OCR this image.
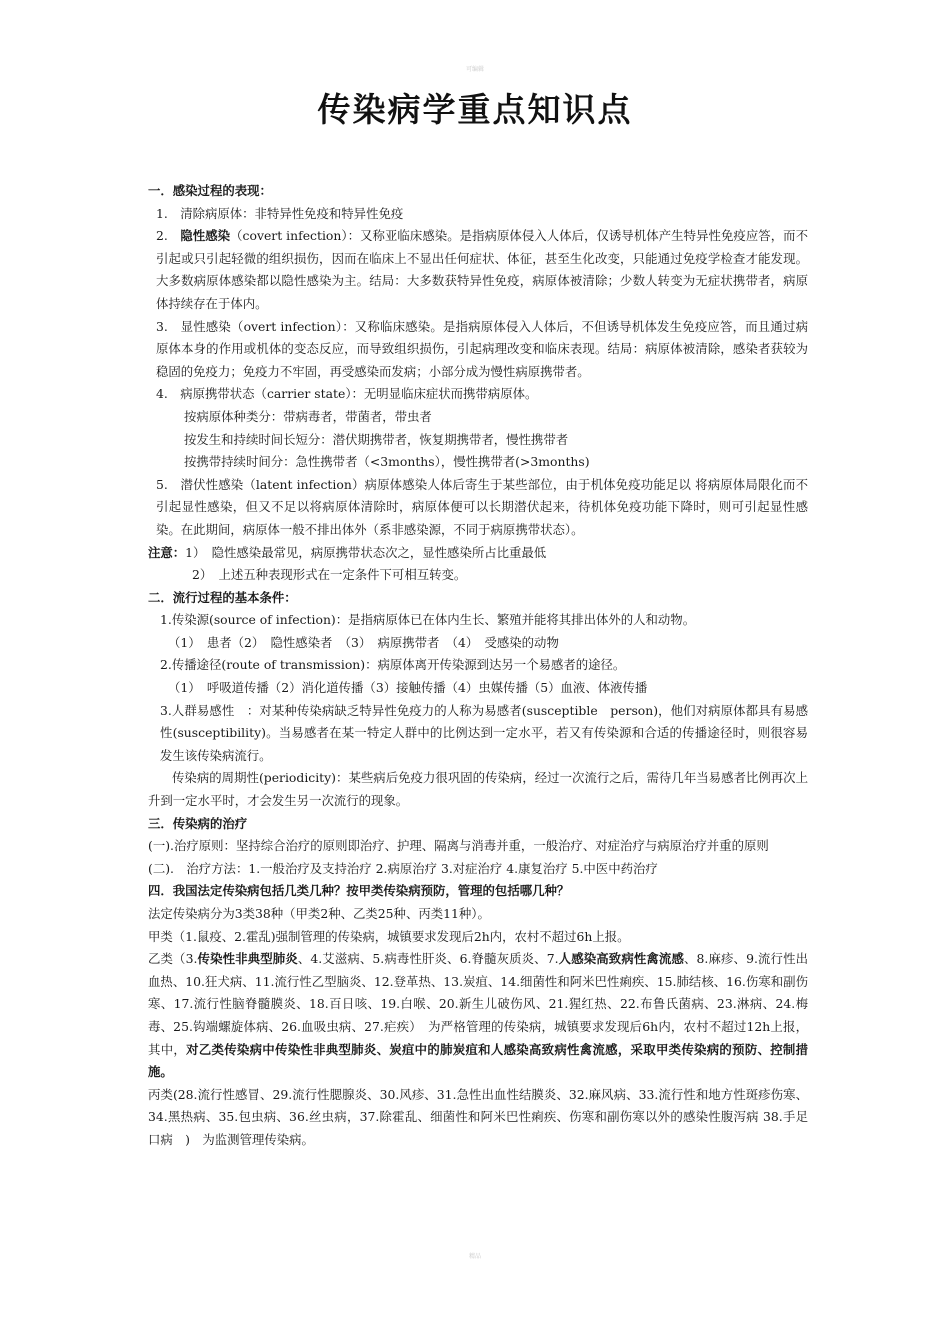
可编辑
传染病学重点知识点

一．感染过程的表现：

1.　清除病原体：非特异性免疫和特异性免疫

2.　隐性感染（covert infection）：又称亚临床感染。是指病原体侵入人体后，仅诱导机体产生特异性免疫应答，而不引起或只引起轻微的组织损伤，因而在临床上不显出任何症状、体征，甚至生化改变，只能通过免疫学检查才能发现。大多数病原体感染都以隐性感染为主。结局：大多数获特异性免疫，病原体被清除；少数人转变为无症状携带者，病原体持续存在于体内。

3.　显性感染（overt infection）：又称临床感染。是指病原体侵入人体后，不但诱导机体发生免疫应答，而且通过病原体本身的作用或机体的变态反应，而导致组织损伤，引起病理改变和临床表现。结局：病原体被清除，感染者获较为稳固的免疫力；免疫力不牢固，再受感染而发病；小部分成为慢性病原携带者。

4.　病原携带状态（carrier state）：无明显临床症状而携带病原体。

按病原体种类分：带病毒者，带菌者，带虫者

按发生和持续时间长短分：潜伏期携带者，恢复期携带者，慢性携带者

按携带持续时间分：急性携带者（<3months），慢性携带者(>3months)

5.　潜伏性感染（latent infection）病原体感染人体后寄生于某些部位，由于机体免疫功能足以 将病原体局限化而不引起显性感染，但又不足以将病原体清除时，病原体便可以长期潜伏起来，待机体免疫功能下降时，则可引起显性感染。在此期间，病原体一般不排出体外（系非感染源，不同于病原携带状态）。

注意：1）　隐性感染最常见，病原携带状态次之，显性感染所占比重最低

2）　上述五种表现形式在一定条件下可相互转变。

二．流行过程的基本条件：

1.传染源(source of infection)：是指病原体已在体内生长、繁殖并能将其排出体外的人和动物。

（1）　患者（2）　隐性感染者　（3）　病原携带者　（4）　受感染的动物

2.传播途径(route of transmission)：病原体离开传染源到达另一个易感者的途径。

（1）　呼吸道传播（2）消化道传播（3）接触传播（4）虫媒传播（5）血液、体液传播

3.人群易感性　：对某种传染病缺乏特异性免疫力的人称为易感者(susceptible　person)，他们对病原体都具有易感性(susceptibility)。当易感者在某一特定人群中的比例达到一定水平，若又有传染源和合适的传播途径时，则很容易发生该传染病流行。

传染病的周期性(periodicity)：某些病后免疫力很巩固的传染病，经过一次流行之后，需待几年当易感者比例再次上升到一定水平时，才会发生另一次流行的现象。

三．传染病的治疗

(一).治疗原则：坚持综合治疗的原则即治疗、护理、隔离与消毒并重，一般治疗、对症治疗与病原治疗并重的原则

(二).　治疗方法：1.一般治疗及支持治疗 2.病原治疗 3.对症治疗 4.康复治疗 5.中医中药治疗

四．我国法定传染病包括几类几种？按甲类传染病预防，管理的包括哪几种？

法定传染病分为3类38种（甲类2种、乙类25种、丙类11种）。

甲类（1.鼠疫、2.霍乱)强制管理的传染病，城镇要求发现后2h内，农村不超过6h上报。

乙类（3.传染性非典型肺炎、4.艾滋病、5.病毒性肝炎、6.脊髓灰质炎、7.人感染高致病性禽流感、8.麻疹、9.流行性出血热、10.狂犬病、11.流行性乙型脑炎、12.登革热、13.炭疽、14.细菌性和阿米巴性痢疾、15.肺结核、16.伤寒和副伤寒、17.流行性脑脊髓膜炎、18.百日咳、19.白喉、20.新生儿破伤风、21.猩红热、22.布鲁氏菌病、23.淋病、24.梅毒、25.钩端螺旋体病、26.血吸虫病、27.疟疾）　为严格管理的传染病，城镇要求发现后6h内，农村不超过12h上报，其中，对乙类传染病中传染性非典型肺炎、炭疽中的肺炭疽和人感染高致病性禽流感，采取甲类传染病的预防、控制措施。

丙类(28.流行性感冒、29.流行性腮腺炎、30.风疹、31.急性出血性结膜炎、32.麻风病、33.流行性和地方性斑疹伤寒、34.黑热病、35.包虫病、36.丝虫病，37.除霍乱、细菌性和阿米巴性痢疾、伤寒和副伤寒以外的感染性腹泻病 38.手足口病　)　为监测管理传染病。

精品
